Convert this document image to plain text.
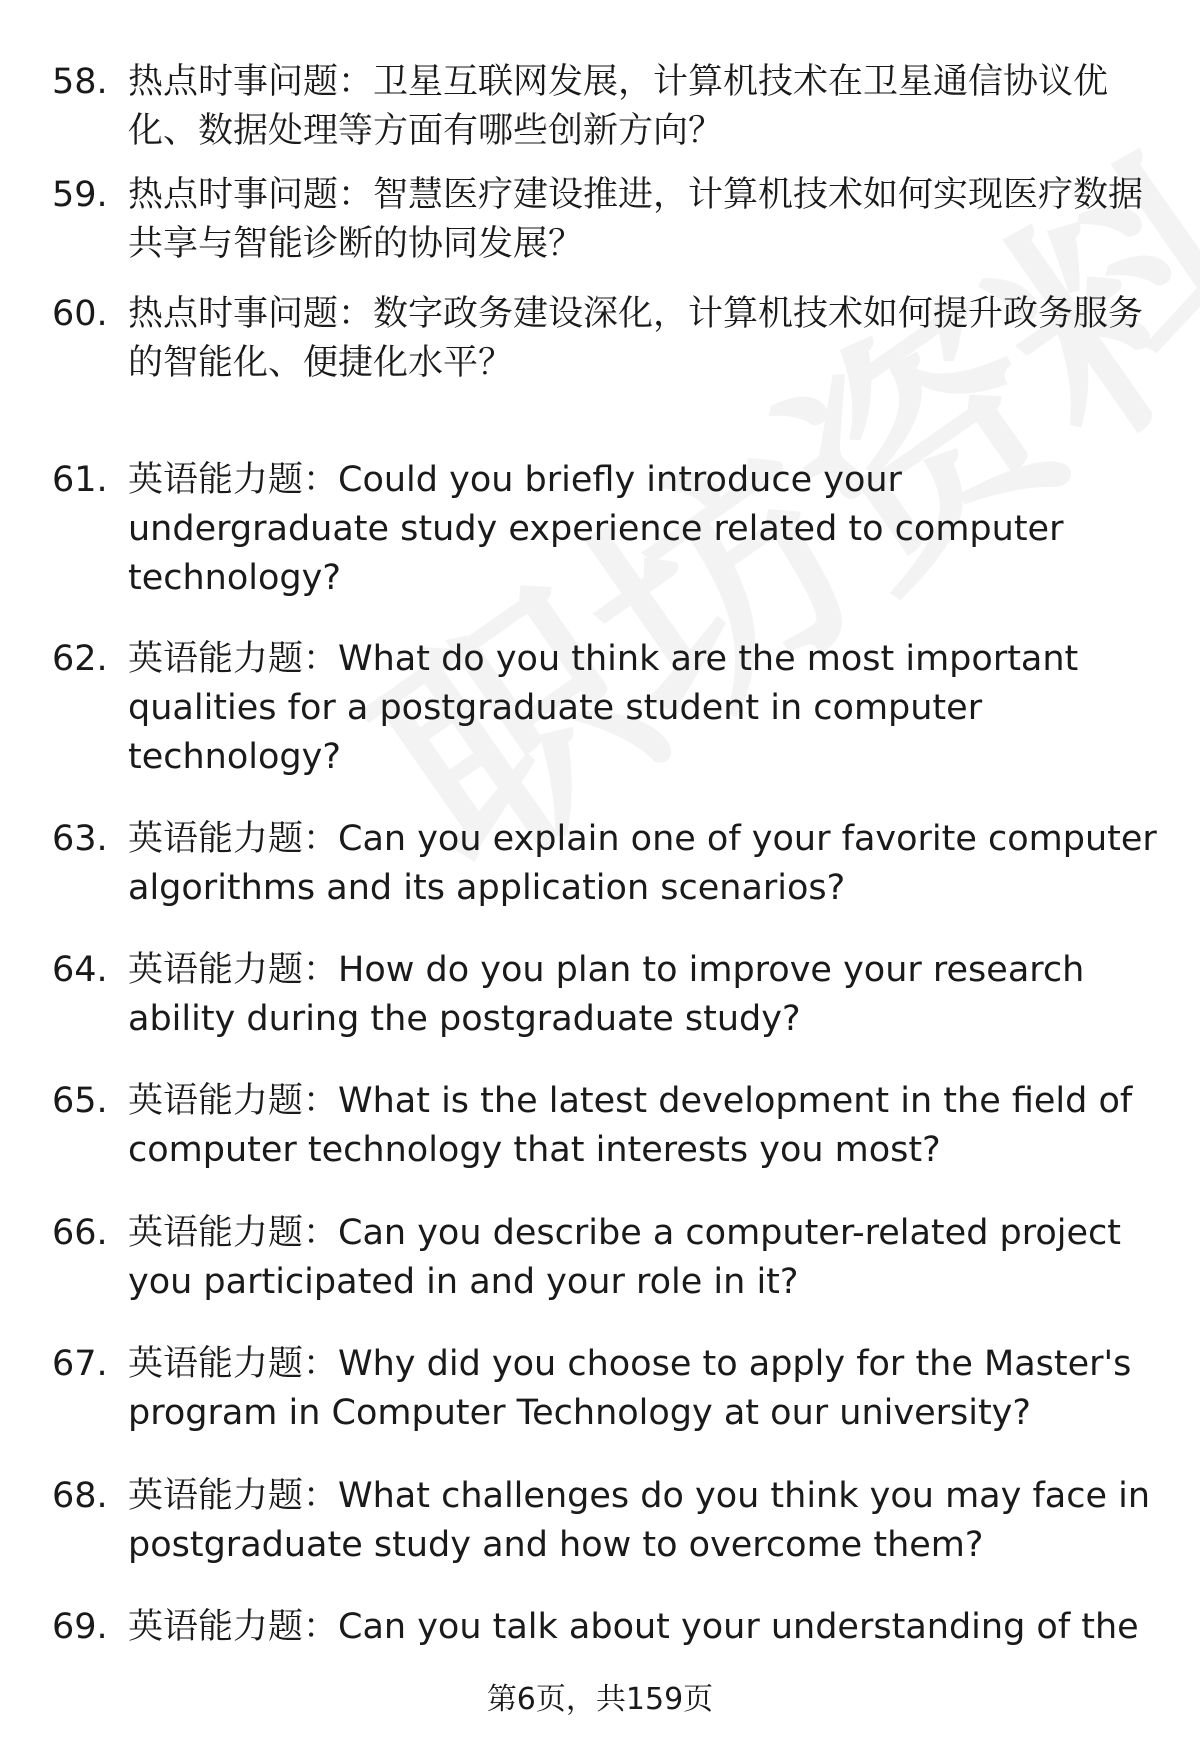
58. 热点时事问题：卫星互联网发展，计算机技术在卫星通信协议优化、数据处理等方面有哪些创新方向？
59. 热点时事问题：智慧医疗建设推进，计算机技术如何实现医疗数据共享与智能诊断的协同发展？
60. 热点时事问题：数字政务建设深化，计算机技术如何提升政务服务的智能化、便捷化水平？
61. 英语能力题：Could you briefly introduce your undergraduate study experience related to computer technology?
62. 英语能力题：What do you think are the most important qualities for a postgraduate student in computer technology?
63. 英语能力题：Can you explain one of your favorite computer algorithms and its application scenarios?
64. 英语能力题：How do you plan to improve your research ability during the postgraduate study?
65. 英语能力题：What is the latest development in the field of computer technology that interests you most?
66. 英语能力题：Can you describe a computer-related project you participated in and your role in it?
67. 英语能力题：Why did you choose to apply for the Master's program in Computer Technology at our university?
68. 英语能力题：What challenges do you think you may face in postgraduate study and how to overcome them?
69. 英语能力题：Can you talk about your understanding of the
第6页，共159页
